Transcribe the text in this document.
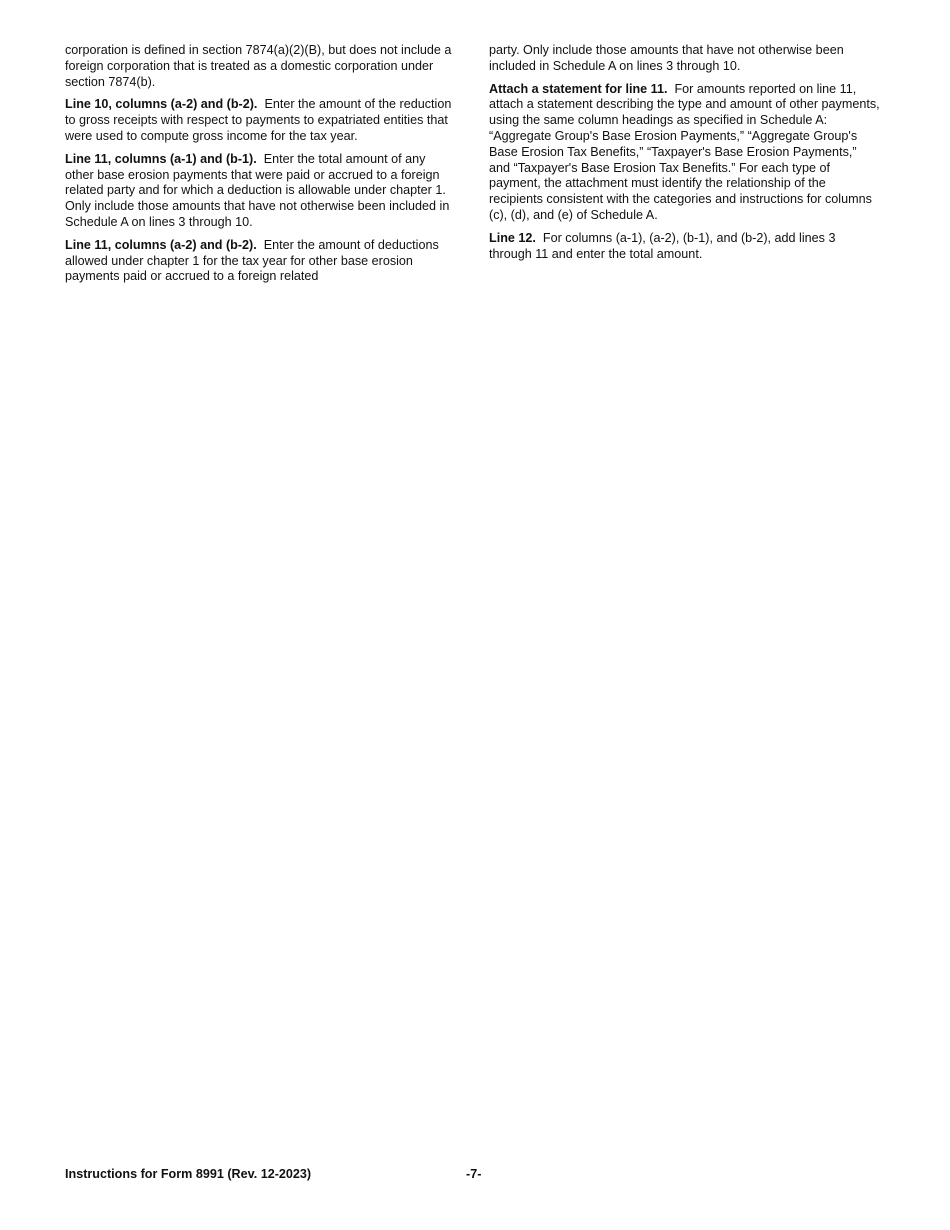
corporation is defined in section 7874(a)(2)(B), but does not include a foreign corporation that is treated as a domestic corporation under section 7874(b).

Line 10, columns (a-2) and (b-2). Enter the amount of the reduction to gross receipts with respect to payments to expatriated entities that were used to compute gross income for the tax year.

Line 11, columns (a-1) and (b-1). Enter the total amount of any other base erosion payments that were paid or accrued to a foreign related party and for which a deduction is allowable under chapter 1. Only include those amounts that have not otherwise been included in Schedule A on lines 3 through 10.

Line 11, columns (a-2) and (b-2). Enter the amount of deductions allowed under chapter 1 for the tax year for other base erosion payments paid or accrued to a foreign related

party. Only include those amounts that have not otherwise been included in Schedule A on lines 3 through 10.

Attach a statement for line 11. For amounts reported on line 11, attach a statement describing the type and amount of other payments, using the same column headings as specified in Schedule A: “Aggregate Group's Base Erosion Payments,” “Aggregate Group's Base Erosion Tax Benefits,” “Taxpayer's Base Erosion Payments,” and “Taxpayer's Base Erosion Tax Benefits.” For each type of payment, the attachment must identify the relationship of the recipients consistent with the categories and instructions for columns (c), (d), and (e) of Schedule A.

Line 12. For columns (a-1), (a-2), (b-1), and (b-2), add lines 3 through 11 and enter the total amount.

Instructions for Form 8991 (Rev. 12-2023)	-7-
